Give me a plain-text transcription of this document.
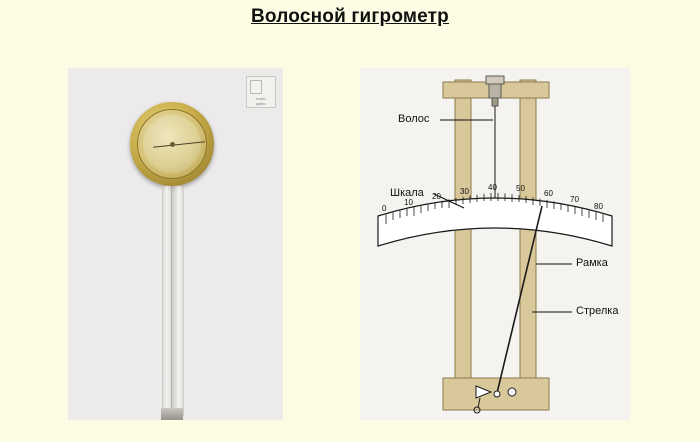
Волосной гигрометр
museo
galileo
0
10
20
30 40 50
60
70
80
Волос
Шкала
Рамка
Стрелка
